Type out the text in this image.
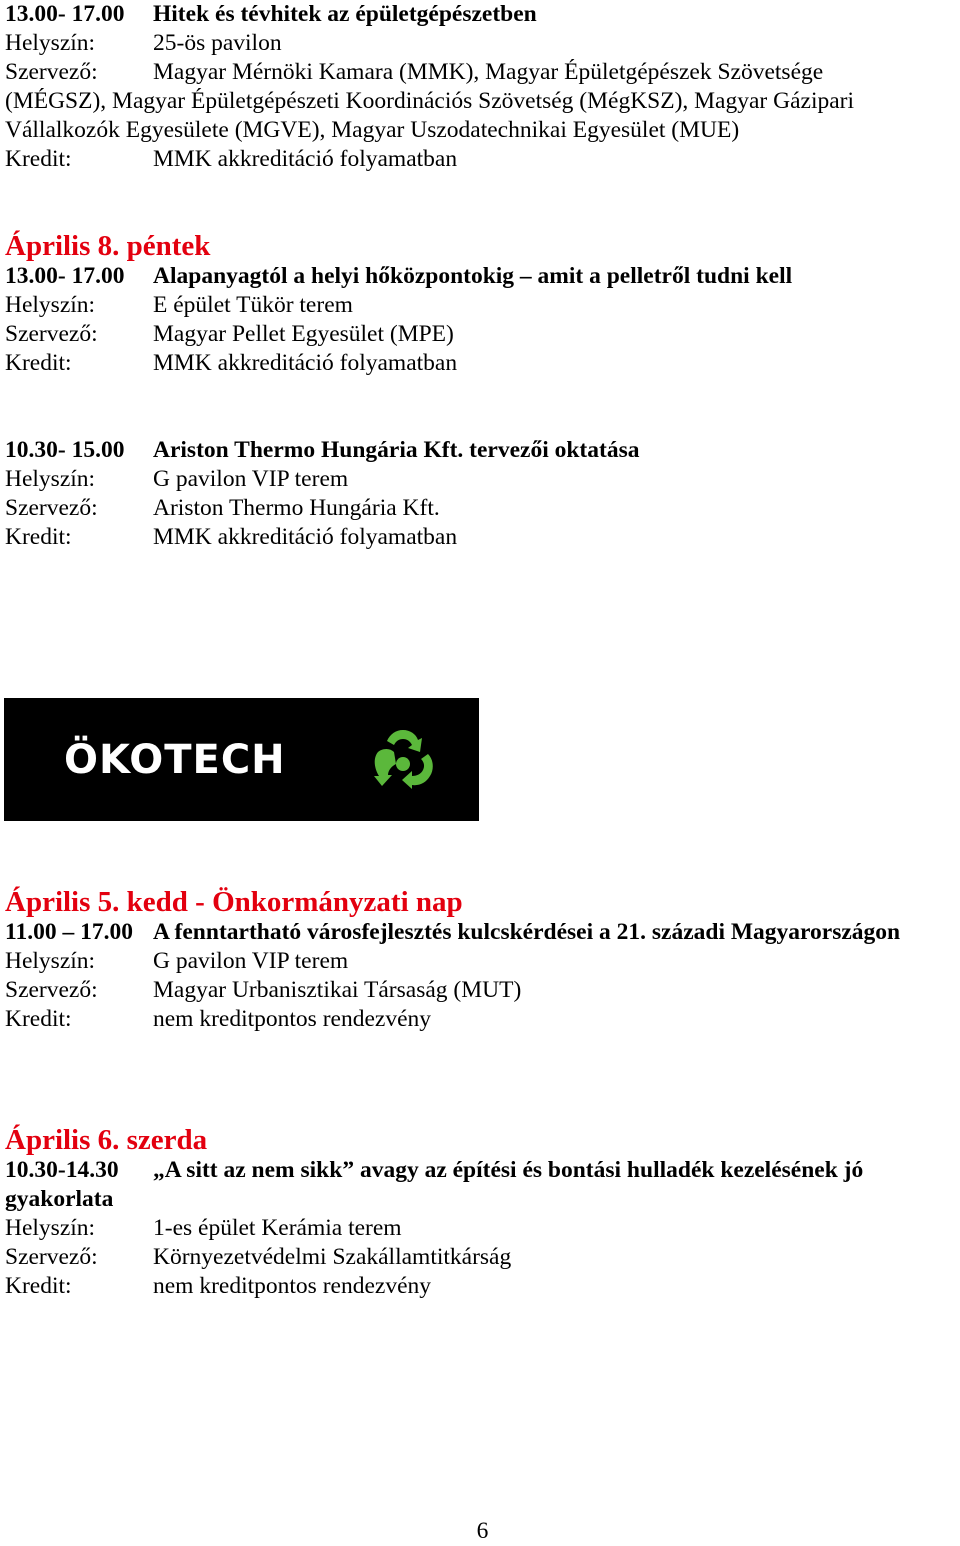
13.00- 17.00	Hitek és tévhitek az épületgépészetben
Helyszín:	25-ös pavilon
Szervező:	Magyar Mérnöki Kamara (MMK), Magyar Épületgépészek Szövetsége
(MÉGSZ), Magyar Épületgépészeti Koordinációs Szövetség (MégKSZ), Magyar Gázipari Vállalkozók Egyesülete (MGVE), Magyar Uszodatechnikai Egyesület (MUE)
Kredit:	MMK akkreditáció folyamatban
Április 8. péntek
13.00- 17.00	Alapanyagtól a helyi hőközpontokig – amit a pelletről tudni kell
Helyszín:	E épület Tükör terem
Szervező:	Magyar Pellet Egyesület (MPE)
Kredit:	MMK akkreditáció folyamatban
10.30- 15.00	Ariston Thermo Hungária Kft. tervezői oktatása
Helyszín:	G pavilon VIP terem
Szervező:	Ariston Thermo Hungária Kft.
Kredit:	MMK akkreditáció folyamatban
ÖKOTECH
Április 5. kedd - Önkormányzati nap
11.00 – 17.00 A fenntartható városfejlesztés kulcskérdései a 21. századi Magyarországon
Helyszín:	G pavilon VIP terem
Szervező:	Magyar Urbanisztikai Társaság (MUT)
Kredit:	nem kreditpontos rendezvény
Április 6. szerda
10.30-14.30 „A sitt az nem sikk” avagy az építési és bontási hulladék kezelésének jó gyakorlata
Helyszín:	1-es épület Kerámia terem
Szervező:	Környezetvédelmi Szakállamtitkárság
Kredit:	nem kreditpontos rendezvény
6
